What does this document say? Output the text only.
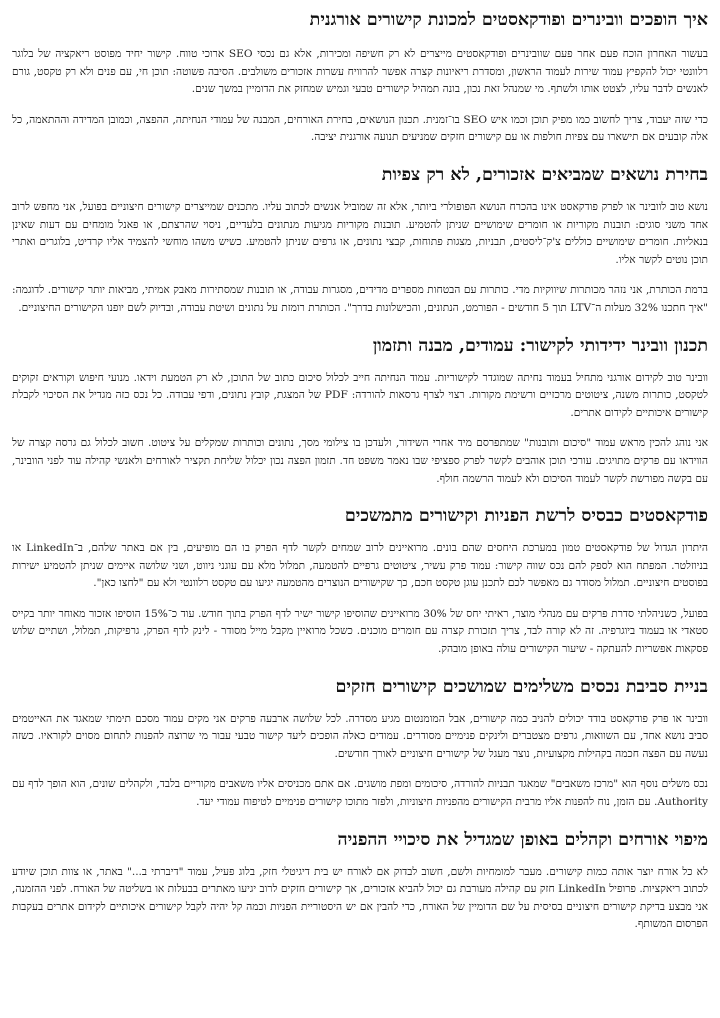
איך הופכים וובינרים ופודקאסטים למכונת קישורים אורגנית

בעשור האחרון הוכח פעם אחר פעם שוובינרים ופודקאסטים מייצרים לא רק חשיפה ומכירות, אלא גם נכסי SEO ארוכי טווח. קישור יחיד מפוסט ריאקציה של בלוגר רלוונטי יכול להקפיץ עמוד שירות לעמוד הראשון, ומסדרת ריאיונות קצרה אפשר להרוויח עשרות אזכורים משולבים. הסיבה פשוטה: תוכן חי, עם פנים ולא רק טקסט, גורם לאנשים לדבר עליו, לצטט אותו ולשתף. מי שמנהל זאת נכון, בונה תמהיל קישורים טבעי וגמיש שמחזק את הדומיין במשך שנים.

כדי שזה יעבוד, צריך לחשוב כמו מפיק תוכן וכמו איש SEO בו־זמנית. תכנון הנושאים, בחירת האורחים, המבנה של עמודי הנחיתה, ההפצה, וכמובן המדידה וההתאמה, כל אלה קובעים אם תישארו עם צפיות חולפות או עם קישורים חזקים שמניעים תנועה אורגנית יציבה.

בחירת נושאים שמביאים אזכורים, לא רק צפיות

נושא טוב לוובינר או לפרק פודקאסט אינו בהכרח הנושא הפופולרי ביותר, אלא זה שמוביל אנשים לכתוב עליו. מתכנים שמייצרים קישורים חיצוניים בפועל, אני מחפש לרוב אחד משני סוגים: תובנות מקוריות או חומרים שימושיים שניתן להטמיע. תובנות מקוריות מגיעות מנתונים בלעדיים, ניסוי שהרצתם, או פאנל מומחים עם דעות שאינן בנאליות. חומרים שימושיים כוללים צ'ק־ליסטים, תבניות, מצגות פתוחות, קבצי נתונים, או גרפים שניתן להטמיע. כשיש משהו מוחשי להצמיד אליו קרדיט, בלוגרים ואתרי תוכן נוטים לקשר אליו.

ברמת הכותרת, אני נזהר מכותרות שיווקיות מדי. כותרות עם הבטחות מספרים מדידים, מסגרות עבודה, או תובנות שמסתירות מאבק אמיתי, מביאות יותר קישורים. לדוגמה: "איך חתכנו 32% מעלות ה־LTV תוך 5 חודשים - הפורמט, הנתונים, והכישלונות בדרך". הכותרת רומזת על נתונים ושיטת עבודה, ובדיוק לשם יופנו הקישורים החיצוניים.

תכנון וובינר ידידותי לקישור: עמודים, מבנה ותזמון

וובינר טוב לקידום אורגני מתחיל בעמוד נחיתה שמוגדר לקישוריות. עמוד הנחיתה חייב לכלול סיכום כתוב של התוכן, לא רק הטמעת וידאו. מנועי חיפוש וקוראים זקוקים לטקסט, כותרות משנה, ציטוטים מרכזיים ורשימת מקורות. רצוי לצרף גרסאות להורדה: PDF של המצגת, קובץ נתונים, ודפי עבודה. כל נכס כזה מגדיל את הסיכוי לקבלת קישורים איכותיים לקידום אתרים.

אני נוהג להכין מראש עמוד "סיכום ותובנות" שמתפרסם מיד אחרי השידור, ולעדכן בו צילומי מסך, נתונים וכותרות שמקלים על ציטוט. חשוב לכלול גם גרסה קצרה של הווידאו עם פרקים מתויגים. עורכי תוכן אוהבים לקשר לפרק ספציפי שבו נאמר משפט חד. תזמון הפצה נכון יכלול שליחת תקציר לאורחים ולאנשי קהילה עוד לפני הוובינר, עם בקשה מפורשת לקשר לעמוד הסיכום ולא לעמוד הרשמה חולף.

פודקאסטים כבסיס לרשת הפניות וקישורים מתמשכים

היתרון הגדול של פודקאסטים טמון במערכת היחסים שהם בונים. מרואיינים לרוב שמחים לקשר לדף הפרק בו הם מופיעים, בין אם באתר שלהם, ב־LinkedIn או בניוזלטר. המפתח הוא לספק להם נכס שווה קישור: עמוד פרק עשיר, ציטוטים גרפיים להטמעה, תמלול מלא עם עוגני ניווט, ושני שלושה איימים שניתן להטמיע ישירות בפוסטים חיצוניים. תמלול מסודר גם מאפשר לכם לתכנן עוגן טקסט חכם, כך שקישורים הנוצרים מהטמעה יגיעו עם טקסט רלוונטי ולא עם "לחצו כאן".

בפועל, כשניהלתי סדרת פרקים עם מנהלי מוצר, ראיתי יחס של 30% מרואיינים שהוסיפו קישור ישיר לדף הפרק בתוך חודש. עוד כ־15% הוסיפו אזכור מאוחר יותר בקייס סטאדי או בעמוד ביוגרפיה. זה לא קורה לבד, צריך תזכורת קצרה עם חומרים מוכנים. כשכל מרואיין מקבל מייל מסודר - לינק לדף הפרק, גרפיקות, תמלול, ושתיים שלוש פסקאות אפשריות להעתקה - שיעור הקישורים עולה באופן מובהק.

בניית סביבת נכסים משלימים שמושכים קישורים חזקים

וובינר או פרק פודקאסט בודד יכולים להניב כמה קישורים, אבל המומנטום מגיע מסדרה. לכל שלושה ארבעה פרקים אני מקים עמוד מסכם תימתי שמאגד את האייטמים סביב נושא אחד, עם השוואות, גרפים מצטברים ולינקים פנימיים מסודרים. עמודים כאלה הופכים ליעד קישור טבעי עבור מי שרוצה להפנות לתחום מסוים לקוראיו. כשזה נעשה עם הפצה חכמה בקהילות מקצועיות, נוצר מעגל של קישורים חיצוניים לאורך חודשים.

נכס משלים נוסף הוא "מרכז משאבים" שמאגד תבניות להורדה, סיכומים ומפת מושגים. אם אתם מכניסים אליו משאבים מקוריים בלבד, ולקהלים שונים, הוא הופך לדף עם Authority. עם הזמן, נוח להפנות אליו מרבית הקישורים מהפניות חיצוניות, ולפזר מתוכו קישורים פנימיים לטיפוח עמודי יעד.

מיפוי אורחים וקהלים באופן שמגדיל את סיכויי ההפניה

לא כל אורח יוצר אותה כמות קישורים. מעבר למומחיות ולשם, חשוב לבדוק אם לאורח יש בית דיגיטלי חזק, בלוג פעיל, עמוד "דיברתי ב..." באתר, או צוות תוכן שיודע לכתוב ריאקציות. פרופיל LinkedIn חזק עם קהילה מעורבת גם יכול להביא אזכורים, אך קישורים חזקים לרוב יגיעו מאתרים בבעלות או בשליטה של האורח. לפני ההזמנה, אני מבצע בדיקת קישורים חיצוניים בסיסית על שם הדומיין של האורח, כדי להבין אם יש היסטוריית הפניות וכמה קל יהיה לקבל קישורים איכותיים לקידום אתרים בעקבות הפרסום המשותף.
